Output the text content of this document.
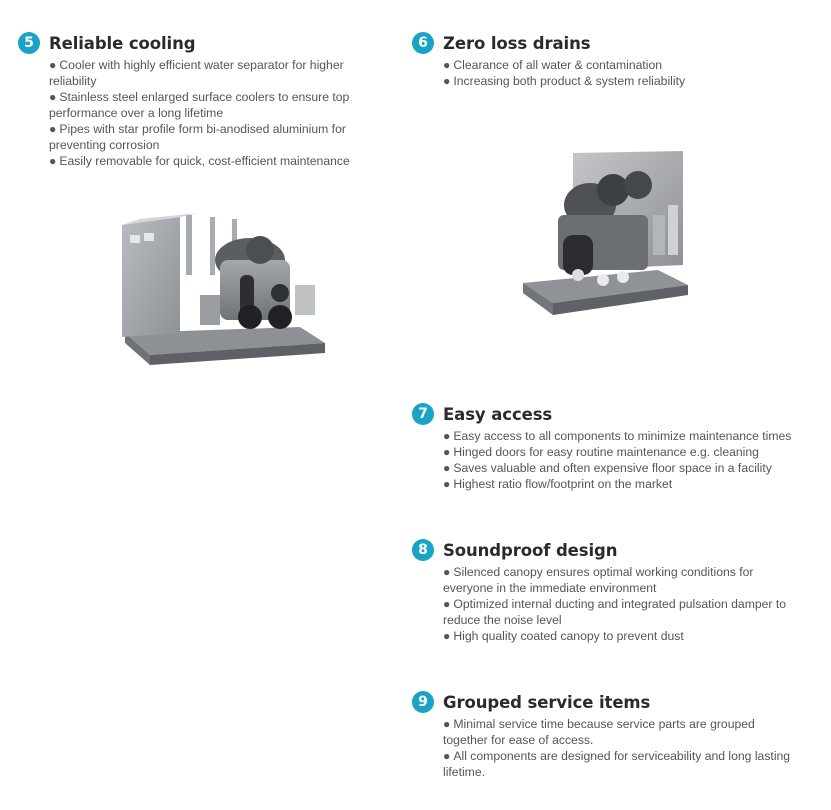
5 Reliable cooling
● Cooler with highly efficient water separator for higher reliability
● Stainless steel enlarged surface coolers to ensure top performance over a long lifetime
● Pipes with star profile form bi-anodised aluminium for preventing corrosion
● Easily removable for quick, cost-efficient maintenance
6 Zero loss drains
● Clearance of all water & contamination
● Increasing both product & system reliability
7 Easy access
● Easy access to all components to minimize maintenance times
● Hinged doors for easy routine maintenance e.g. cleaning
● Saves valuable and often expensive floor space in a facility
● Highest ratio flow/footprint on the market
8 Soundproof design
● Silenced canopy ensures optimal working conditions for everyone in the immediate environment
● Optimized internal ducting and integrated pulsation damper to reduce the noise level
● High quality coated canopy to prevent dust
9 Grouped service items
● Minimal service time because service parts are grouped together for ease of access.
● All components are designed for serviceability and long lasting lifetime.
